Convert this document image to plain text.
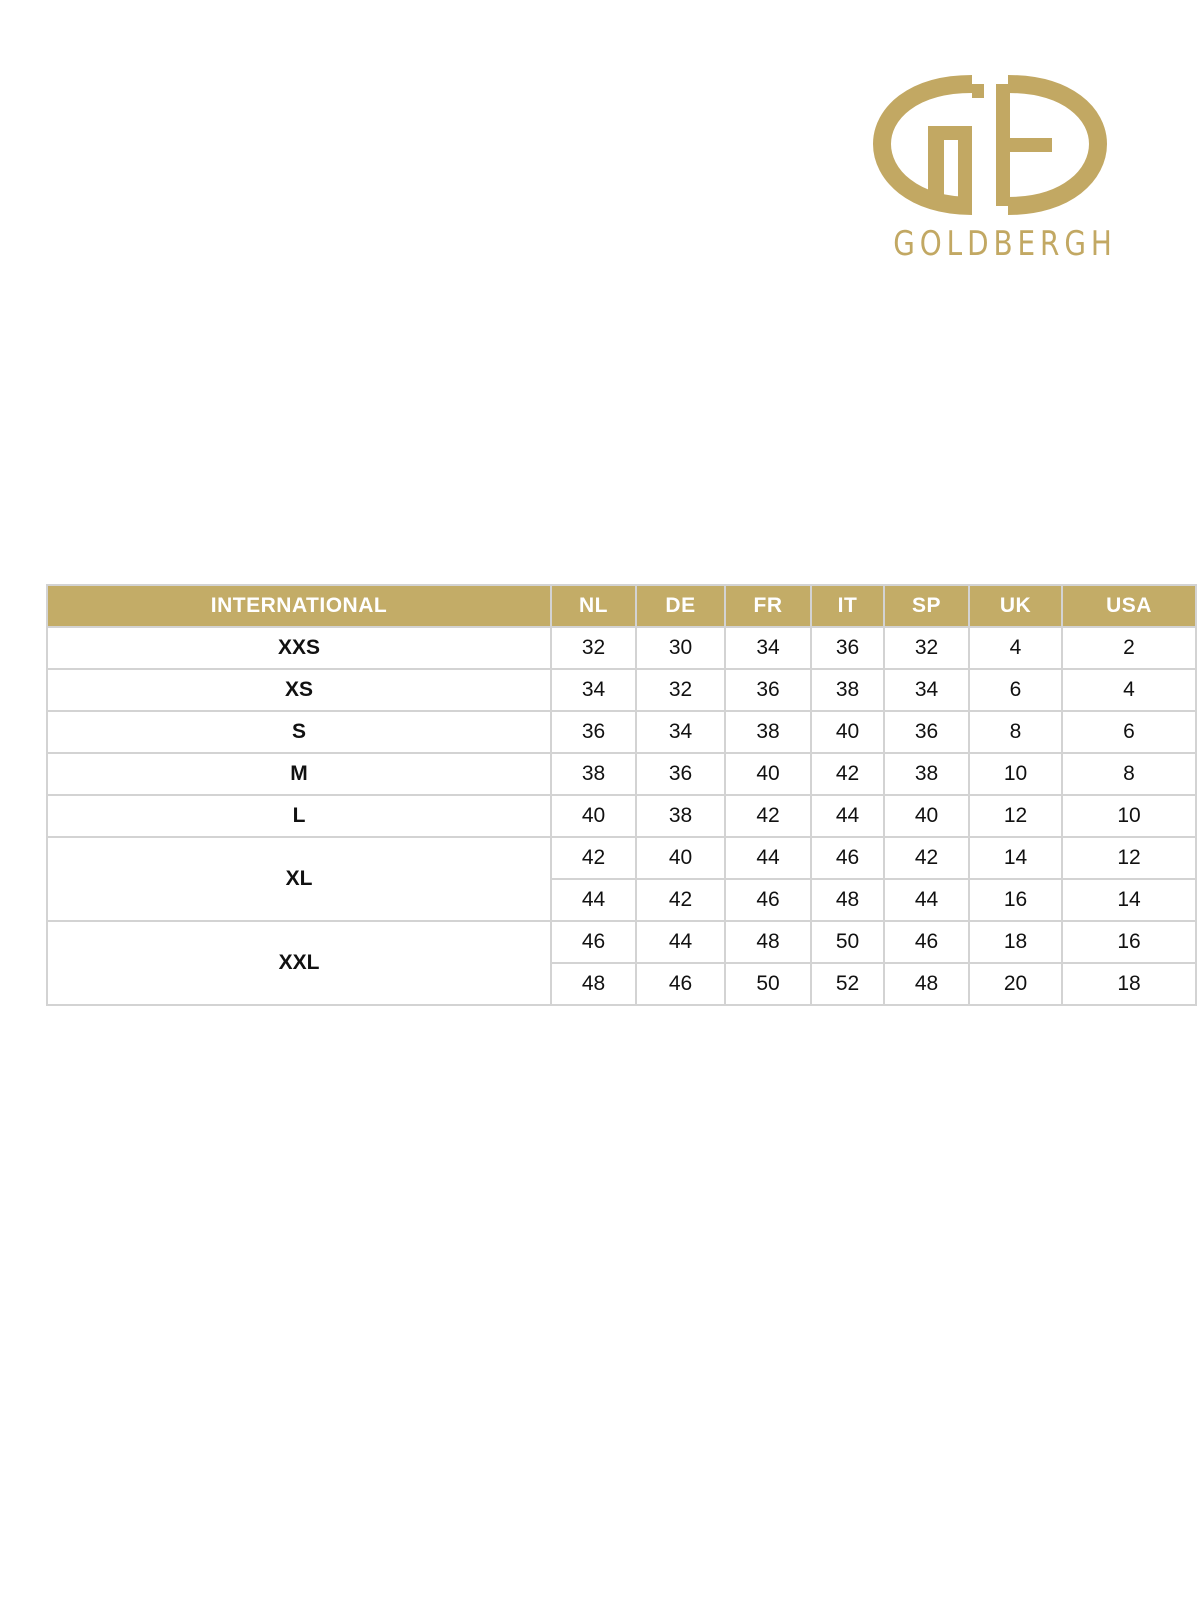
GOLDBERGH
INTERNATIONAL	NL	DE	FR	IT	SP	UK	USA
XXS	32	30	34	36	32	4	2
XS	34	32	36	38	34	6	4
S	36	34	38	40	36	8	6
M	38	36	40	42	38	10	8
L	40	38	42	44	40	12	10
XL	42	40	44	46	42	14	12
	44	42	46	48	44	16	14
XXL	46	44	48	50	46	18	16
	48	46	50	52	48	20	18
